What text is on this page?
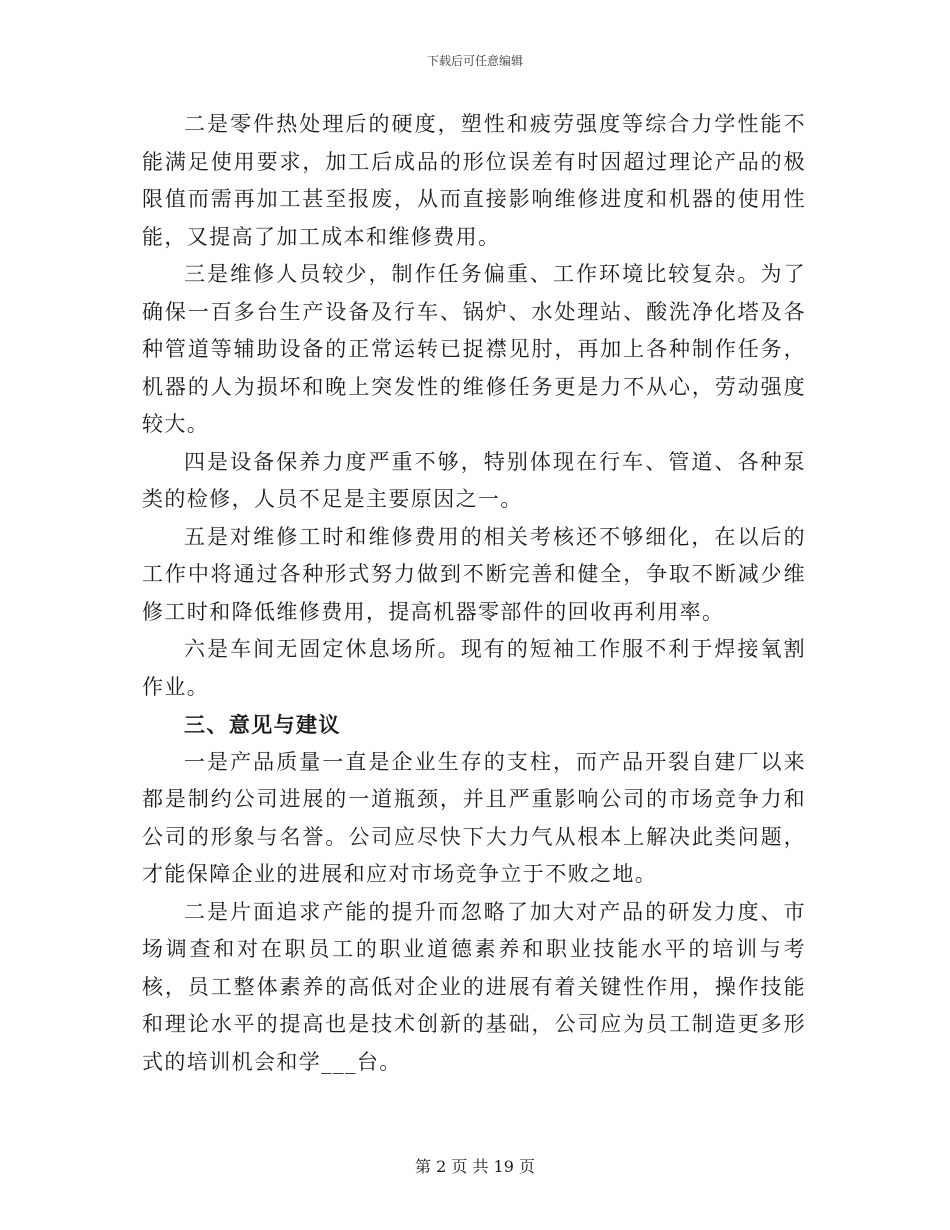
下载后可任意编辑

二是零件热处理后的硬度，塑性和疲劳强度等综合力学性能不能满足使用要求，加工后成品的形位误差有时因超过理论产品的极限值而需再加工甚至报废，从而直接影响维修进度和机器的使用性能，又提高了加工成本和维修费用。

三是维修人员较少，制作任务偏重、工作环境比较复杂。为了确保一百多台生产设备及行车、锅炉、水处理站、酸洗净化塔及各种管道等辅助设备的正常运转已捉襟见肘，再加上各种制作任务，机器的人为损坏和晚上突发性的维修任务更是力不从心，劳动强度较大。

四是设备保养力度严重不够，特别体现在行车、管道、各种泵类的检修，人员不足是主要原因之一。

五是对维修工时和维修费用的相关考核还不够细化，在以后的工作中将通过各种形式努力做到不断完善和健全，争取不断减少维修工时和降低维修费用，提高机器零部件的回收再利用率。

六是车间无固定休息场所。现有的短袖工作服不利于焊接氧割作业。

三、意见与建议

一是产品质量一直是企业生存的支柱，而产品开裂自建厂以来都是制约公司进展的一道瓶颈，并且严重影响公司的市场竞争力和公司的形象与名誉。公司应尽快下大力气从根本上解决此类问题，才能保障企业的进展和应对市场竞争立于不败之地。

二是片面追求产能的提升而忽略了加大对产品的研发力度、市场调查和对在职员工的职业道德素养和职业技能水平的培训与考核，员工整体素养的高低对企业的进展有着关键性作用，操作技能和理论水平的提高也是技术创新的基础，公司应为员工制造更多形式的培训机会和学___台。

第 2 页 共 19 页
